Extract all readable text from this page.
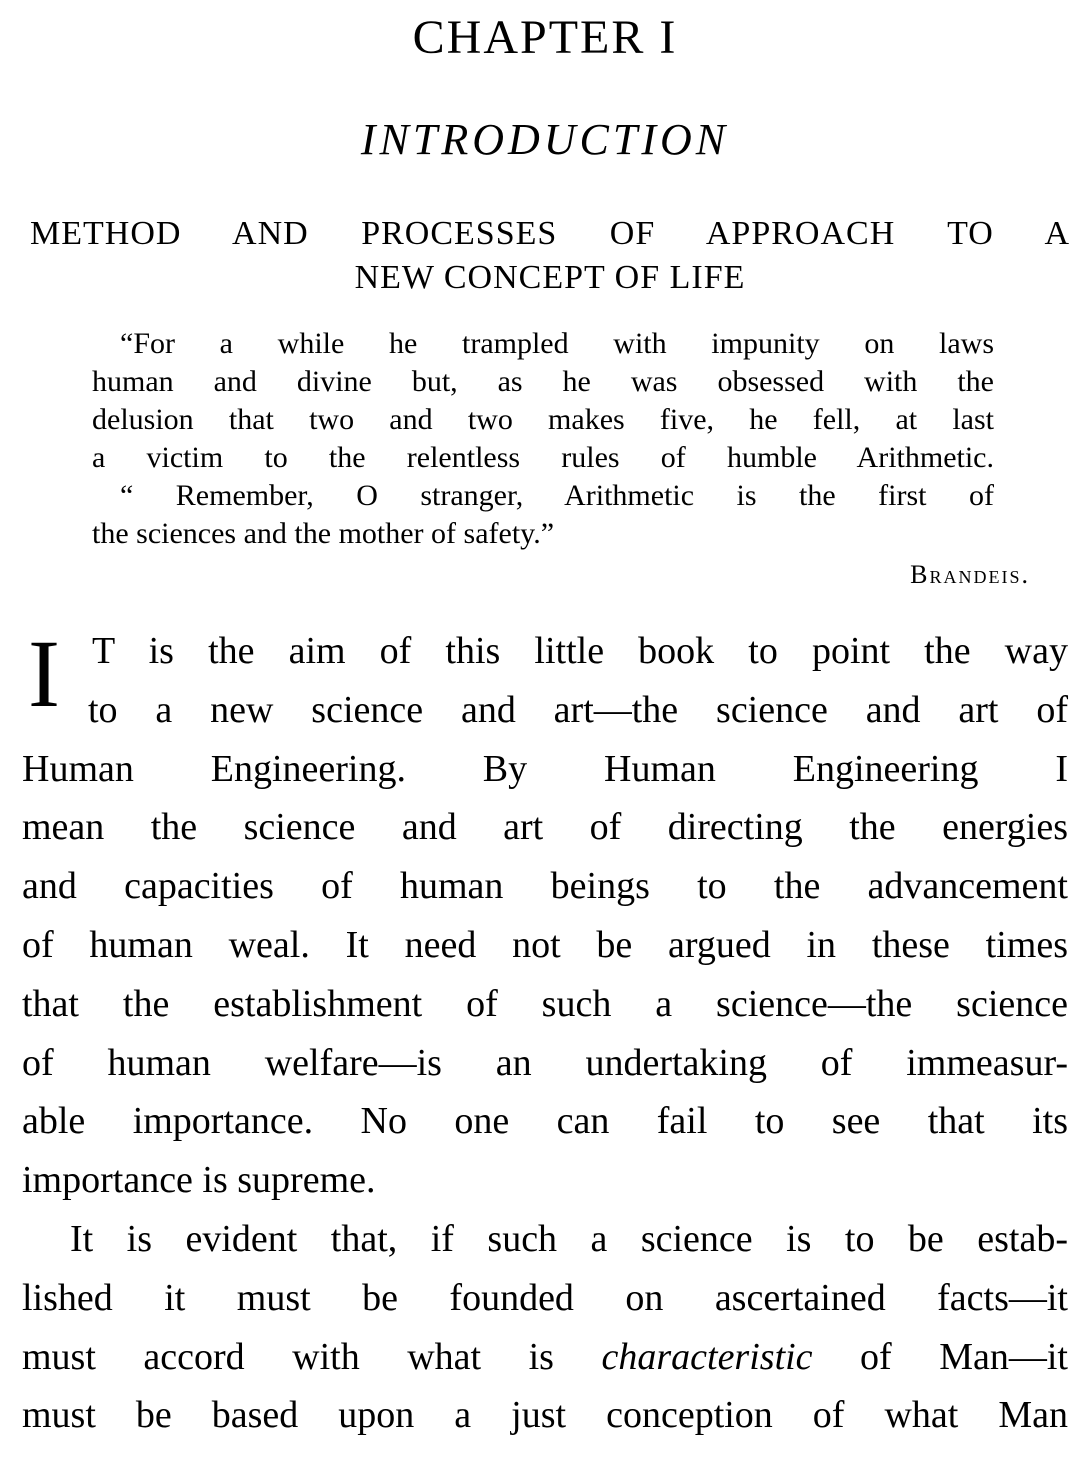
CHAPTER I
INTRODUCTION
METHOD AND PROCESSES OF APPROACH TO A
NEW CONCEPT OF LIFE
“For a while he trampled with impunity on laws
human and divine but, as he was obsessed with the
delusion that two and two makes five, he fell, at last
a victim to the relentless rules of humble Arithmetic.
“ Remember, O stranger, Arithmetic is the first of
the sciences and the mother of safety.”
Brandeis.
I T is the aim of this little book to point the way
to a new science and art—the science and art of
Human Engineering. By Human Engineering I
mean the science and art of directing the energies
and capacities of human beings to the advancement
of human weal. It need not be argued in these times
that the establishment of such a science—the science
of human welfare—is an undertaking of immeasur-
able importance. No one can fail to see that its
importance is supreme.
It is evident that, if such a science is to be estab-
lished it must be founded on ascertained facts—it
must accord with what is characteristic of Man—it
must be based upon a just conception of what Man
